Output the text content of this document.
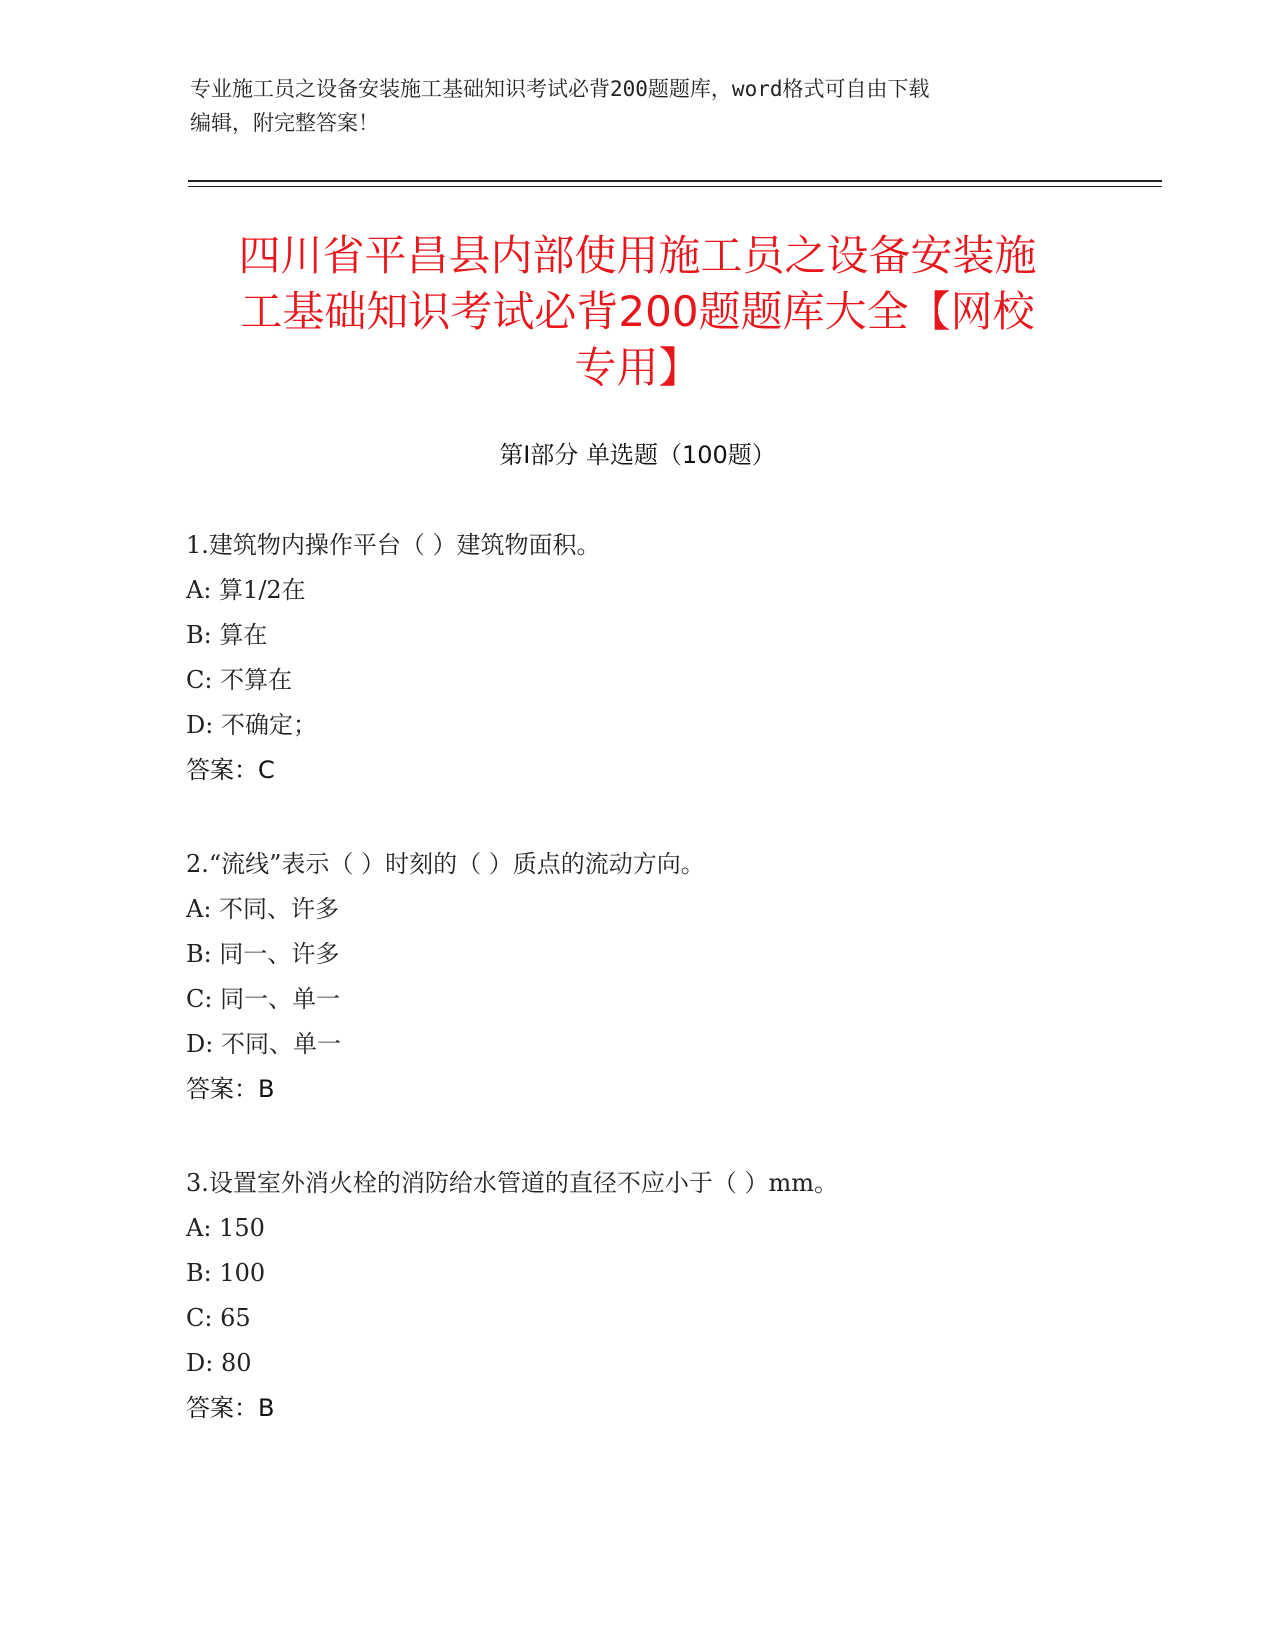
专业施工员之设备安装施工基础知识考试必背200题题库，word格式可自由下载
编辑，附完整答案！
四川省平昌县内部使用施工员之设备安装施
工基础知识考试必背200题题库大全【网校
专用】
第Ⅰ部分 单选题（100题）
1.建筑物内操作平台（ ）建筑物面积。
A: 算1/2在
B: 算在
C: 不算在
D: 不确定；
答案：C
2.“流线”表示（ ）时刻的（ ）质点的流动方向。
A: 不同、许多
B: 同一、许多
C: 同一、单一
D: 不同、单一
答案：B
3.设置室外消火栓的消防给水管道的直径不应小于（ ）mm。
A: 150
B: 100
C: 65
D: 80
答案：B
